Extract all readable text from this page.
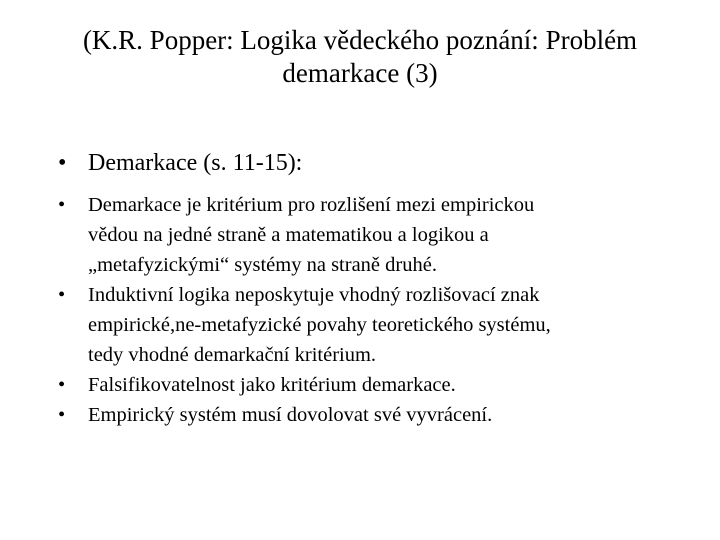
(K.R. Popper: Logika vědeckého poznání: Problém
demarkace (3)
• Demarkace (s. 11-15):
• Demarkace je kritérium pro rozlišení mezi empirickou
vědou na jedné straně a matematikou a logikou a
„metafyzickými“ systémy na straně druhé.
• Induktivní logika neposkytuje vhodný rozlišovací znak
empirické,ne-metafyzické povahy teoretického systému,
tedy vhodné demarkační kritérium.
• Falsifikovatelnost jako kritérium demarkace.
• Empirický systém musí dovolovat své vyvrácení.
